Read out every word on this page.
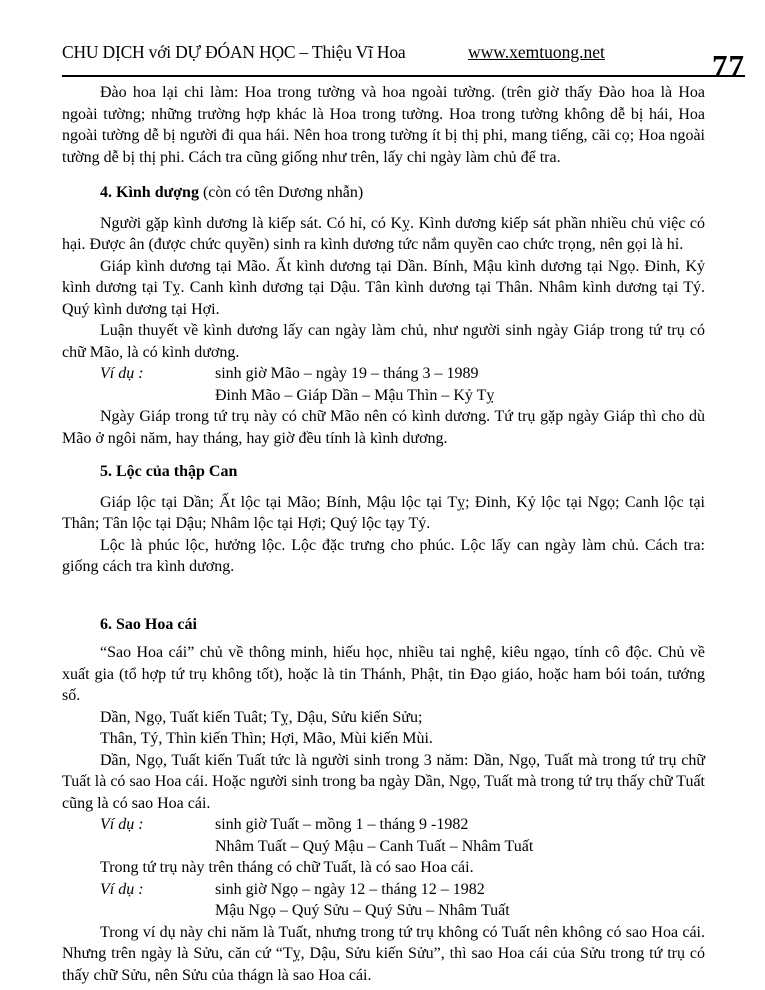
CHU DỊCH với DỰ ĐÓAN HỌC – Thiệu Vĩ Hoa	www.xemtuong.net	77

Đào hoa lại chi làm: Hoa trong tường và hoa ngoài tường. (trên giờ thấy Đào hoa là Hoa ngoài tường; những trường hợp khác là Hoa trong tường. Hoa trong tường không dễ bị hái, Hoa ngoài tường dễ bị người đi qua hái. Nên hoa trong tường ít bị thị phi, mang tiếng, cãi cọ; Hoa ngoài tường dễ bị thị phi. Cách tra cũng giống như trên, lấy chi ngày làm chủ để tra.

4. Kình dượng (còn có tên Dương nhẫn)

Người gặp kình dương là kiếp sát. Có hỉ, có Kỵ. Kình dương kiếp sát phần nhiều chủ việc có hại. Được ân (được chức quyền) sinh ra kình dương tức nắm quyền cao chức trọng, nên gọi là hỉ.

Giáp kình dương tại Mão. Ất kình dương tại Dần. Bính, Mậu kình dương tại Ngọ. Đinh, Kỷ kình dương tại Tỵ. Canh kình dương tại Dậu. Tân kình dương tại Thân. Nhâm kình dương tại Tý. Quý kình dương tại Hợi.

Luận thuyết về kình dương lấy can ngày làm chủ, như người sinh ngày Giáp trong tứ trụ có chữ Mão, là có kình dương.

Ví dụ :	sinh giờ Mão – ngày 19 – tháng 3 – 1989
Đinh Mão – Giáp Dần – Mậu Thìn – Kỷ Tỵ

Ngày Giáp trong tứ trụ này có chữ Mão nên có kình dương. Tứ trụ gặp ngày Giáp thì cho dù Mão ở ngôi năm, hay tháng, hay giờ đều tính là kình dương.

5. Lộc của thập Can

Giáp lộc tại Dần; Ất lộc tại Mão; Bính, Mậu lộc tại Tỵ; Đinh, Kỷ lộc tại Ngọ; Canh lộc tại Thân; Tân lộc tại Dậu; Nhâm lộc tại Hợi; Quý lộc tạy Tý.

Lộc là phúc lộc, hưởng lộc. Lộc đặc trưng cho phúc. Lộc lấy can ngày làm chủ. Cách tra: giống cách tra kình dương.

6. Sao Hoa cái

“Sao Hoa cái” chủ về thông minh, hiếu học, nhiều tai nghệ, kiêu ngạo, tính cô độc. Chủ về xuất gia (tổ hợp tứ trụ không tốt), hoặc là tin Thánh, Phật, tin Đạo giáo, hoặc ham bói toán, tướng số.

Dần, Ngọ, Tuất kiến Tuât; Tỵ, Dậu, Sửu kiến Sửu;

Thân, Tý, Thìn kiến Thìn; Hợi, Mão, Mùi kiến Mùi.

Dần, Ngọ, Tuất kiến Tuất tức là người sinh trong 3 năm: Dần, Ngọ, Tuất mà trong tứ trụ chữ Tuất là có sao Hoa cái. Hoặc người sinh trong ba ngày Dần, Ngọ, Tuất mà trong tứ trụ thấy chữ Tuất cũng là có sao Hoa cái.

Ví dụ :	sinh giờ Tuất – mồng 1 – tháng 9 -1982
Nhâm Tuất – Quý Mậu – Canh Tuất – Nhâm Tuất

Trong tứ trụ này trên tháng có chữ Tuất, là có sao Hoa cái.

Ví dụ :	sinh giờ Ngọ – ngày 12 – tháng 12 – 1982
Mậu Ngọ – Quý Sửu – Quý Sửu – Nhâm Tuất

Trong ví dụ này chi năm là Tuất, nhưng trong tứ trụ không có Tuất nên không có sao Hoa cái. Nhưng trên ngày là Sửu, căn cứ “Tỵ, Dậu, Sửu kiến Sửu”, thì sao Hoa cái của Sửu trong tứ trụ có thấy chữ Sửu, nên Sửu của thágn là sao Hoa cái.
